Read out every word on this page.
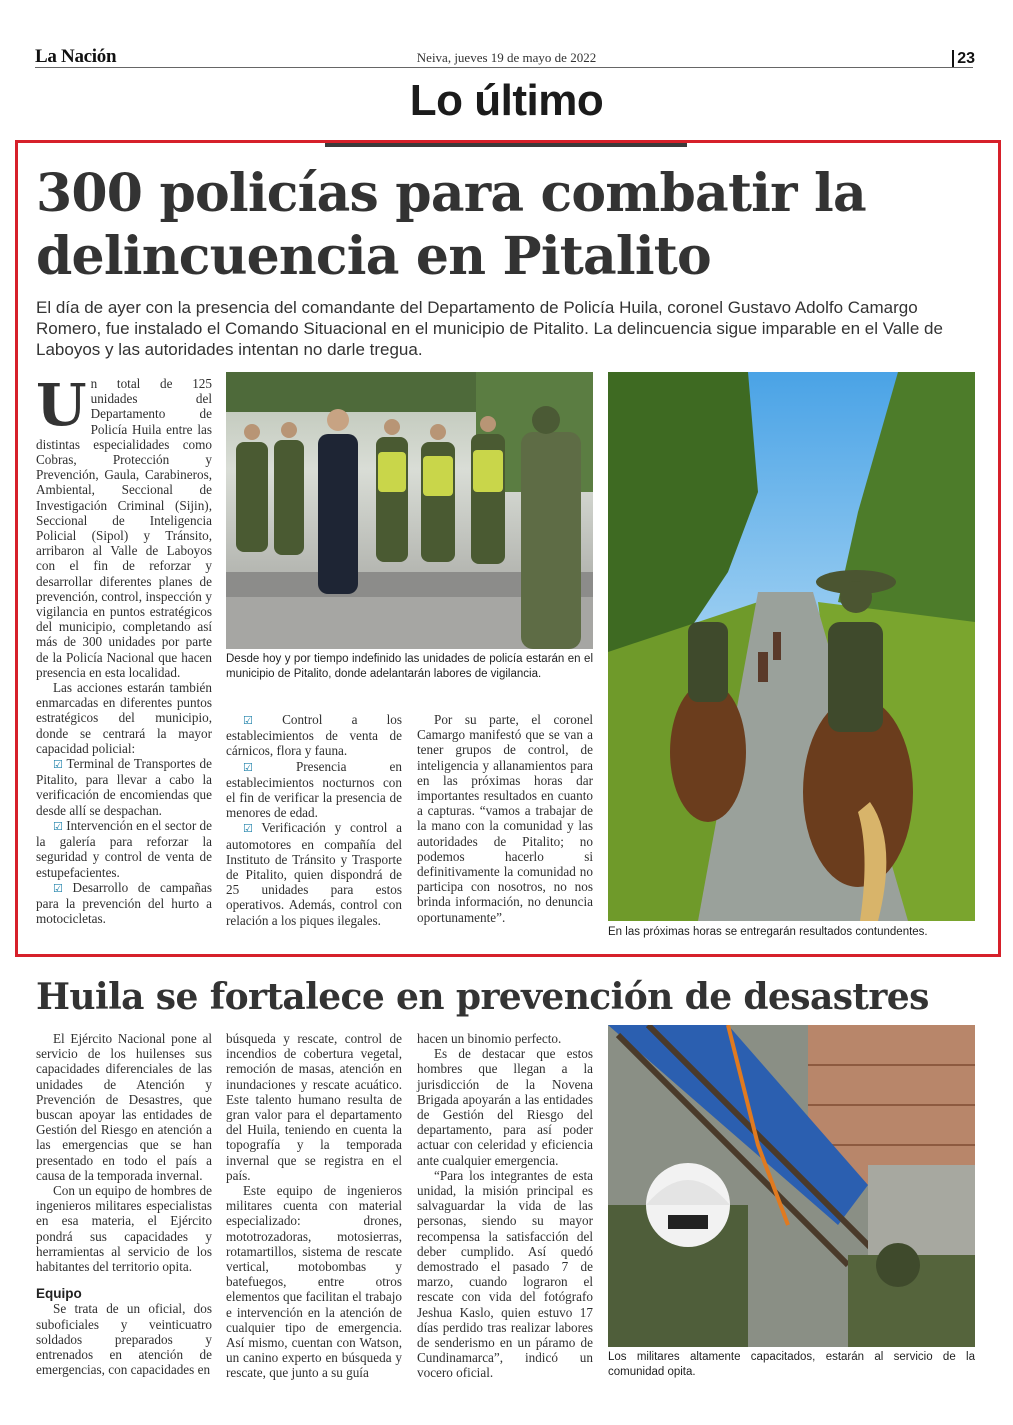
La Nación	Neiva, jueves 19 de mayo de 2022	23
Lo último
300 policías para combatir la delincuencia en Pitalito
El día de ayer con la presencia del comandante del Departamento de Policía Huila, coronel Gustavo Adolfo Camargo Romero, fue instalado el Comando Situacional en el municipio de Pitalito. La delincuencia sigue imparable en el Valle de Laboyos y las autoridades intentan no darle tregua.

Un total de 125 unidades del Departamento de Policía Huila entre las distintas especialidades como Cobras, Protección y Prevención, Gaula, Carabineros, Ambiental, Seccional de Investigación Criminal (Sijin), Seccional de Inteligencia Policial (Sipol) y Tránsito, arribaron al Valle de Laboyos con el fin de reforzar y desarrollar diferentes planes de prevención, control, inspección y vigilancia en puntos estratégicos del municipio, completando así más de 300 unidades por parte de la Policía Nacional que hacen presencia en esta localidad.

Las acciones estarán también enmarcadas en diferentes puntos estratégicos del municipio, donde se centrará la mayor capacidad policial:

☑ Terminal de Transportes de Pitalito, para llevar a cabo la verificación de encomiendas que desde allí se despachan.

☑ Intervención en el sector de la galería para reforzar la seguridad y control de venta de estupefacientes.

☑ Desarrollo de campañas para la prevención del hurto a motocicletas.

Desde hoy y por tiempo indefinido las unidades de policía estarán en el municipio de Pitalito, donde adelantarán labores de vigilancia.

☑ Control a los establecimientos de venta de cárnicos, flora y fauna.

☑	Presencia en establecimientos nocturnos con el fin de verificar la presencia de menores de edad.

☑ Verificación y control a automotores en compañía del Instituto de Tránsito y Trasporte de Pitalito, quien dispondrá de 25 unidades para estos operativos. Además, control con relación a los piques ilegales.

Por su parte, el coronel Camargo manifestó que se van a tener grupos de control, de inteligencia y allanamientos para en las próximas horas dar importantes resultados en cuanto a capturas. “vamos a trabajar de la mano con la comunidad y las autoridades de Pitalito; no podemos hacerlo si definitivamente la comunidad no participa con nosotros, no nos brinda información, no denuncia oportunamente”.

En las próximas horas se entregarán resultados contundentes.
Huila se fortalece en prevención de desastres

El Ejército Nacional pone al servicio de los huilenses sus capacidades diferenciales de las unidades de Atención y Prevención de Desastres, que buscan apoyar las entidades de Gestión del Riesgo en atención a las emergencias que se han presentado en todo el país a causa de la temporada invernal.

Con un equipo de hombres de ingenieros militares especialistas en esa materia, el Ejército pondrá sus capacidades y herramientas al servicio de los habitantes del territorio opita.

Equipo

Se trata de un oficial, dos suboficiales y veinticuatro soldados preparados y entrenados en atención de emergencias, con capacidades en

búsqueda y rescate, control de incendios de cobertura vegetal, remoción de masas, atención en inundaciones y rescate acuático. Este talento humano resulta de gran valor para el departamento del Huila, teniendo en cuenta la topografía y la temporada invernal que se registra en el país.

Este equipo de ingenieros militares cuenta con material especializado: drones, mototrozadoras, motosierras, rotamartillos, sistema de rescate vertical, motobombas y batefuegos, entre otros elementos que facilitan el trabajo e intervención en la atención de cualquier tipo de emergencia. Así mismo, cuentan con Watson, un canino experto en búsqueda y rescate, que junto a su guía

hacen un binomio perfecto.

Es de destacar que estos hombres que llegan a la jurisdicción de la Novena Brigada apoyarán a las entidades de Gestión del Riesgo del departamento, para así poder actuar con celeridad y eficiencia ante cualquier emergencia.

“Para los integrantes de esta unidad, la misión principal es salvaguardar la vida de las personas, siendo su mayor recompensa la satisfacción del deber cumplido. Así quedó demostrado el pasado 7 de marzo, cuando lograron el rescate con vida del fotógrafo Jeshua Kaslo, quien estuvo 17 días perdido tras realizar labores de senderismo en un páramo de Cundinamarca”, indicó un vocero oficial.

Los militares altamente capacitados, estarán al servicio de la comunidad opita.
